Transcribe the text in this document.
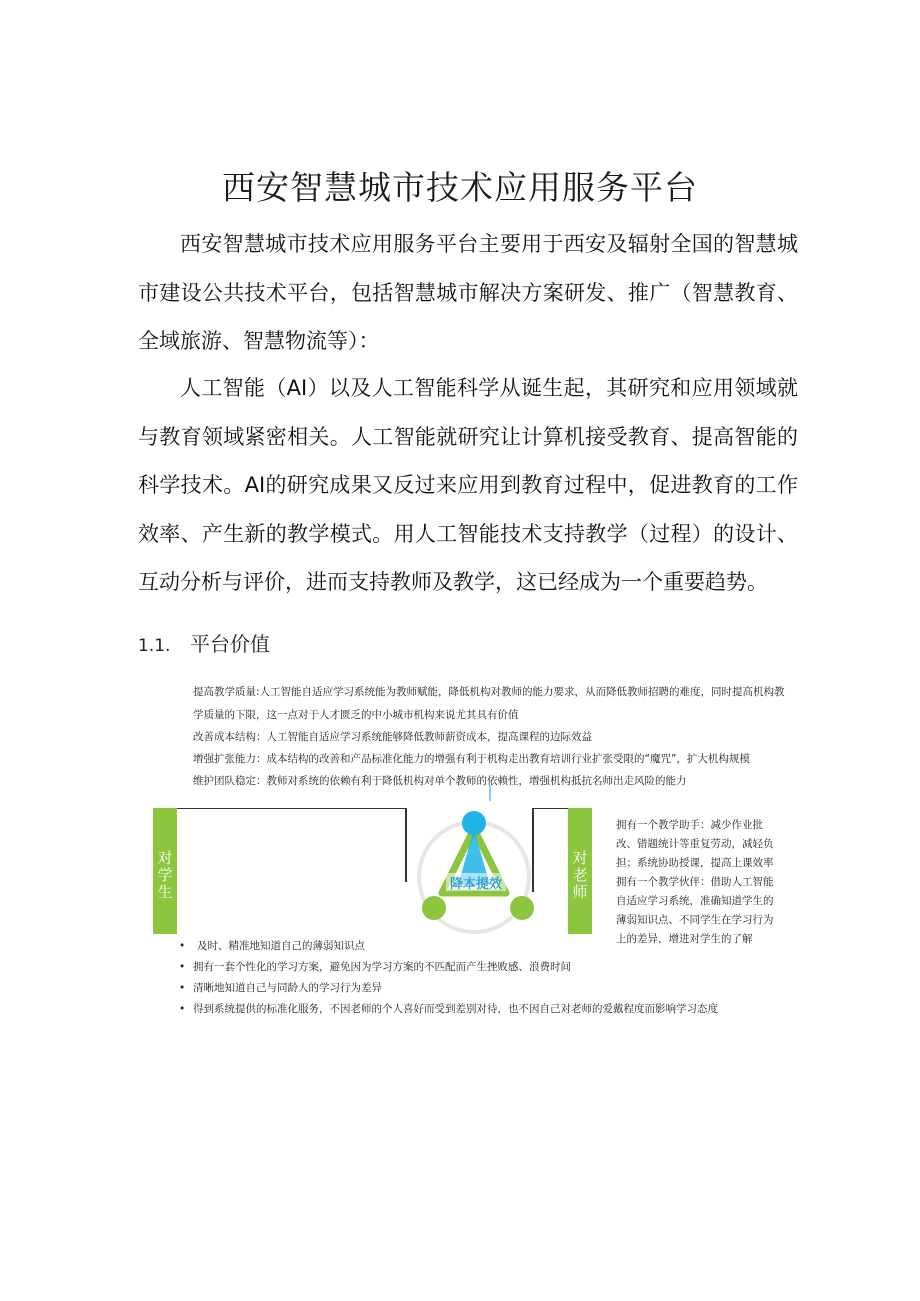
西安智慧城市技术应用服务平台
西安智慧城市技术应用服务平台主要用于西安及辐射全国的智慧城市建设公共技术平台，包括智慧城市解决方案研发、推广（智慧教育、全域旅游、智慧物流等）：
人工智能（AI）以及人工智能科学从诞生起，其研究和应用领域就与教育领域紧密相关。人工智能就研究让计算机接受教育、提高智能的科学技术。AI的研究成果又反过来应用到教育过程中，促进教育的工作效率、产生新的教学模式。用人工智能技术支持教学（过程）的设计、互动分析与评价，进而支持教师及教学，这已经成为一个重要趋势。
1.1. 平台价值
提高教学质量:人工智能自适应学习系统能为教师赋能，降低机构对教师的能力要求，从而降低教师招聘的难度，同时提高机构教
学质量的下限，这一点对于人才匮乏的中小城市机构来说尤其具有价值
改善成本结构：人工智能自适应学习系统能够降低教师薪资成本，提高课程的边际效益
增强扩张能力：成本结构的改善和产品标准化能力的增强有利于机构走出教育培训行业扩张受限的“魔咒”，扩大机构规模
维护团队稳定：教师对系统的依赖有利于降低机构对单个教师的依赖性，增强机构抵抗名师出走风险的能力
对学生
对老师
降本提效
拥有一个教学助手：减少作业批改、错题统计等重复劳动，减轻负担；系统协助授课，提高上课效率拥有一个教学伙伴：借助人工智能自适应学习系统，准确知道学生的薄弱知识点、不同学生在学习行为上的差异，增进对学生的了解
• 及时、精准地知道自己的薄弱知识点
• 拥有一套个性化的学习方案，避免因为学习方案的不匹配而产生挫败感、浪费时间
• 清晰地知道自己与同龄人的学习行为差异
• 得到系统提供的标准化服务，不因老师的个人喜好而受到差别对待，也不因自己对老师的爱戴程度而影响学习态度
